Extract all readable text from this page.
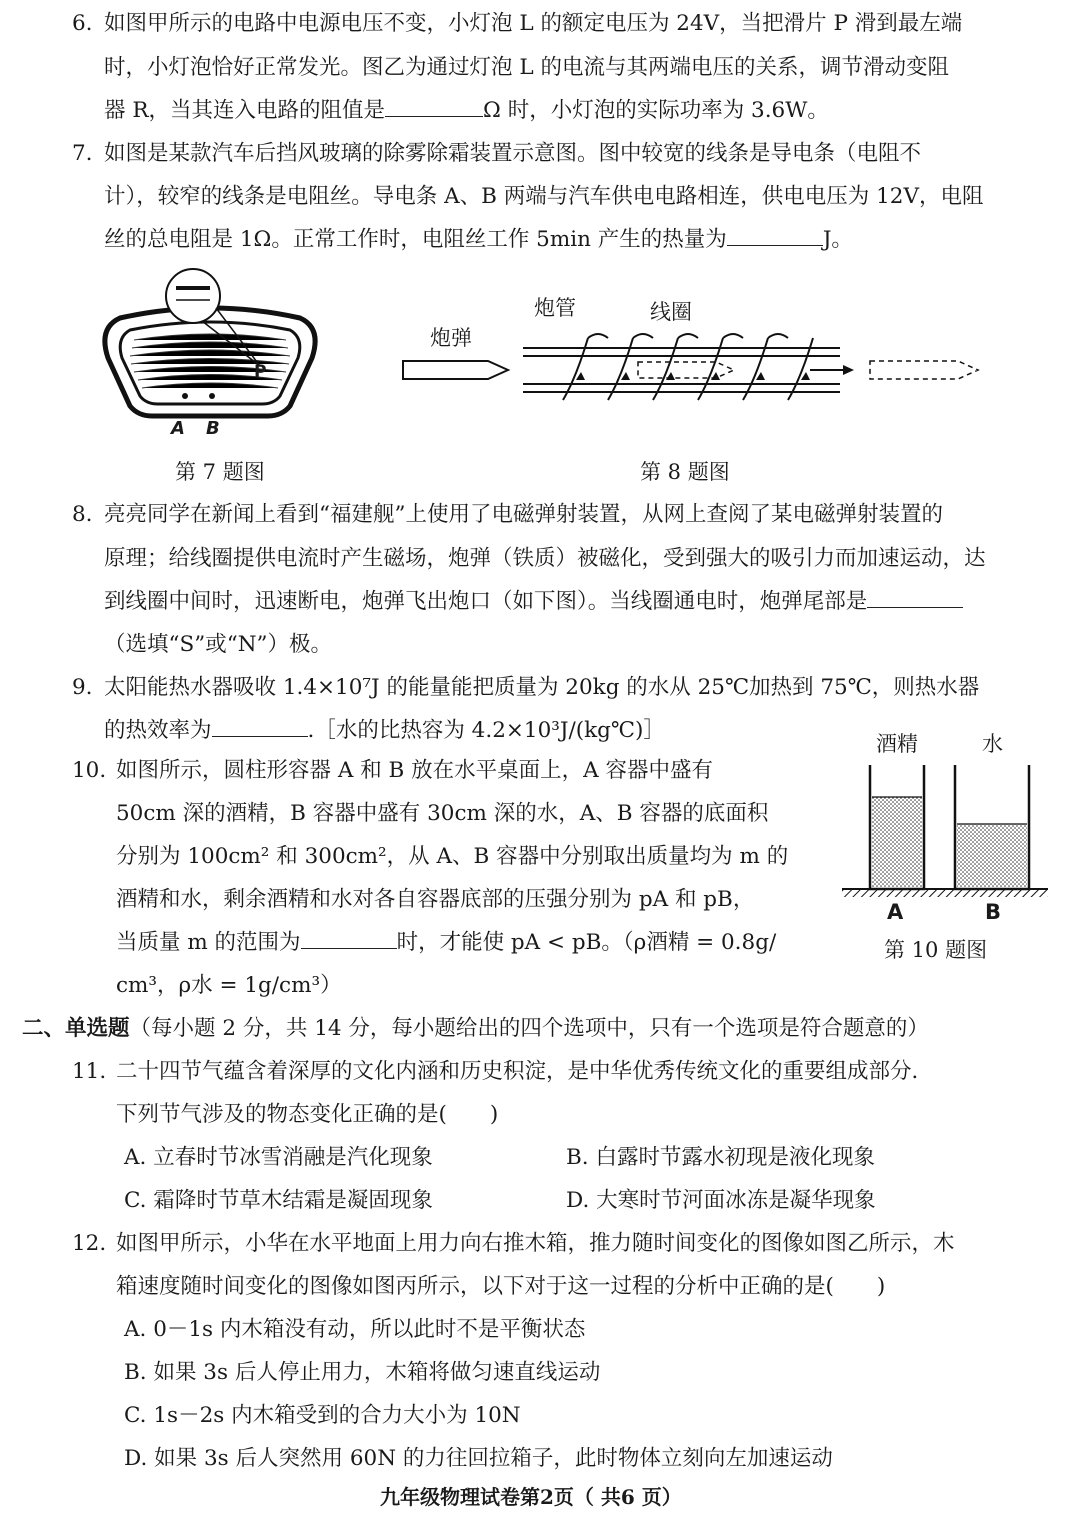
6. 如图甲所示的电路中电源电压不变，小灯泡 L 的额定电压为 24V，当把滑片 P 滑到最左端
时，小灯泡恰好正常发光。图乙为通过灯泡 L 的电流与其两端电压的关系，调节滑动变阻
器 R，当其连入电路的阻值是	Ω 时，小灯泡的实际功率为 3.6W。
7. 如图是某款汽车后挡风玻璃的除雾除霜装置示意图。图中较宽的线条是导电条（电阻不
计），较窄的线条是电阻丝。导电条 A、B 两端与汽车供电电路相连，供电电压为 12V，电阻
丝的总电阻是 1Ω。正常工作时，电阻丝工作 5min 产生的热量为	J。
P
A B
第 7 题图
炮弹
炮管	线圈
第 8 题图
8. 亮亮同学在新闻上看到“福建舰”上使用了电磁弹射装置，从网上查阅了某电磁弹射装置的
原理；给线圈提供电流时产生磁场，炮弹（铁质）被磁化，受到强大的吸引力而加速运动，达
到线圈中间时，迅速断电，炮弹飞出炮口（如下图）。当线圈通电时，炮弹尾部是
（选填“S”或“N”）极。
9. 太阳能热水器吸收 1.4×10⁷J 的能量能把质量为 20kg 的水从 25℃加热到 75℃，则热水器
的热效率为	.［水的比热容为 4.2×10³J/(kg℃)］
酒精	水
A	B
第 10 题图
10. 如图所示，圆柱形容器 A 和 B 放在水平桌面上，A 容器中盛有
50cm 深的酒精，B 容器中盛有 30cm 深的水，A、B 容器的底面积
分别为 100cm² 和 300cm²，从 A、B 容器中分别取出质量均为 m 的
酒精和水，剩余酒精和水对各自容器底部的压强分别为 pA 和 pB，
当质量 m 的范围为	时，才能使 pA < pB。（ρ酒精 = 0.8g/
cm³，ρ水 = 1g/cm³）
二、单选题（每小题 2 分，共 14 分，每小题给出的四个选项中，只有一个选项是符合题意的）
11. 二十四节气蕴含着深厚的文化内涵和历史积淀，是中华优秀传统文化的重要组成部分．
下列节气涉及的物态变化正确的是(　　)
A. 立春时节冰雪消融是汽化现象	B. 白露时节露水初现是液化现象
C. 霜降时节草木结霜是凝固现象	D. 大寒时节河面冰冻是凝华现象
12. 如图甲所示，小华在水平地面上用力向右推木箱，推力随时间变化的图像如图乙所示，木
箱速度随时间变化的图像如图丙所示，以下对于这一过程的分析中正确的是(　　)
A. 0－1s 内木箱没有动，所以此时不是平衡状态
B. 如果 3s 后人停止用力，木箱将做匀速直线运动
C. 1s－2s 内木箱受到的合力大小为 10N
D. 如果 3s 后人突然用 60N 的力往回拉箱子，此时物体立刻向左加速运动
九年级物理试卷第2页（ 共6 页）
